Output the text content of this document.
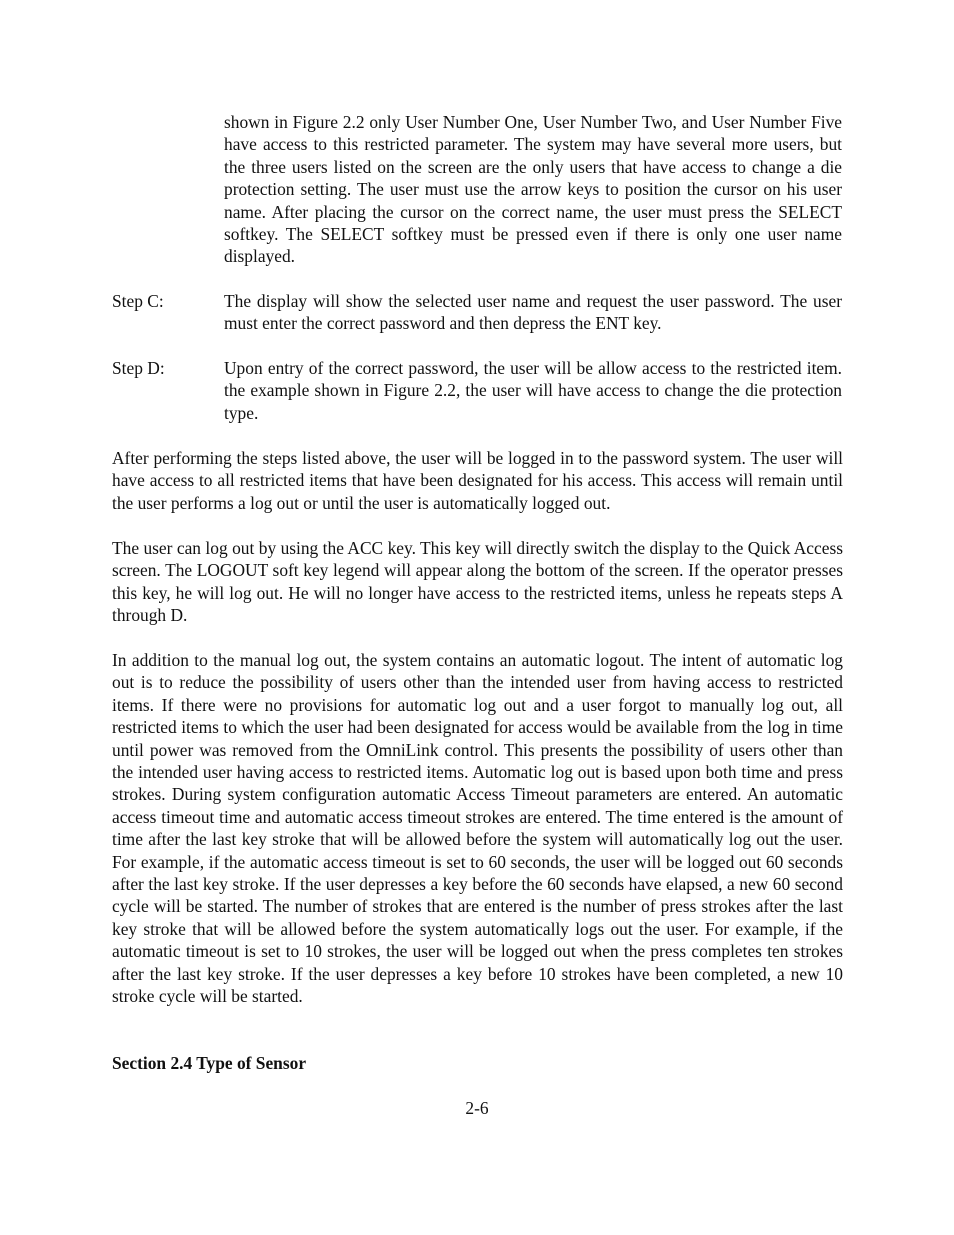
shown in Figure 2.2 only User Number One, User Number Two, and User Number Five have access to this restricted parameter. The system may have several more users, but the three users listed on the screen are the only users that have access to change a die protection setting. The user must use the arrow keys to position the cursor on his user name. After placing the cursor on the correct name, the user must press the SELECT softkey. The SELECT softkey must be pressed even if there is only one user name displayed.

Step C:	The display will show the selected user name and request the user password. The user must enter the correct password and then depress the ENT key.

Step D:	Upon entry of the correct password, the user will be allow access to the restricted item. the example shown in Figure 2.2, the user will have access to change the die protection type.

After performing the steps listed above, the user will be logged in to the password system. The user will have access to all restricted items that have been designated for his access. This access will remain until the user performs a log out or until the user is automatically logged out.

The user can log out by using the ACC key. This key will directly switch the display to the Quick Access screen. The LOGOUT soft key legend will appear along the bottom of the screen. If the operator presses this key, he will log out. He will no longer have access to the restricted items, unless he repeats steps A through D.

In addition to the manual log out, the system contains an automatic logout. The intent of automatic log out is to reduce the possibility of users other than the intended user from having access to restricted items. If there were no provisions for automatic log out and a user forgot to manually log out, all restricted items to which the user had been designated for access would be available from the log in time until power was removed from the OmniLink control. This presents the possibility of users other than the intended user having access to restricted items. Automatic log out is based upon both time and press strokes. During system configuration automatic Access Timeout parameters are entered. An automatic access timeout time and automatic access timeout strokes are entered. The time entered is the amount of time after the last key stroke that will be allowed before the system will automatically log out the user. For example, if the automatic access timeout is set to 60 seconds, the user will be logged out 60 seconds after the last key stroke. If the user depresses a key before the 60 seconds have elapsed, a new 60 second cycle will be started. The number of strokes that are entered is the number of press strokes after the last key stroke that will be allowed before the system automatically logs out the user. For example, if the automatic timeout is set to 10 strokes, the user will be logged out when the press completes ten strokes after the last key stroke. If the user depresses a key before 10 strokes have been completed, a new 10 stroke cycle will be started.

Section 2.4 Type of Sensor
2-6
